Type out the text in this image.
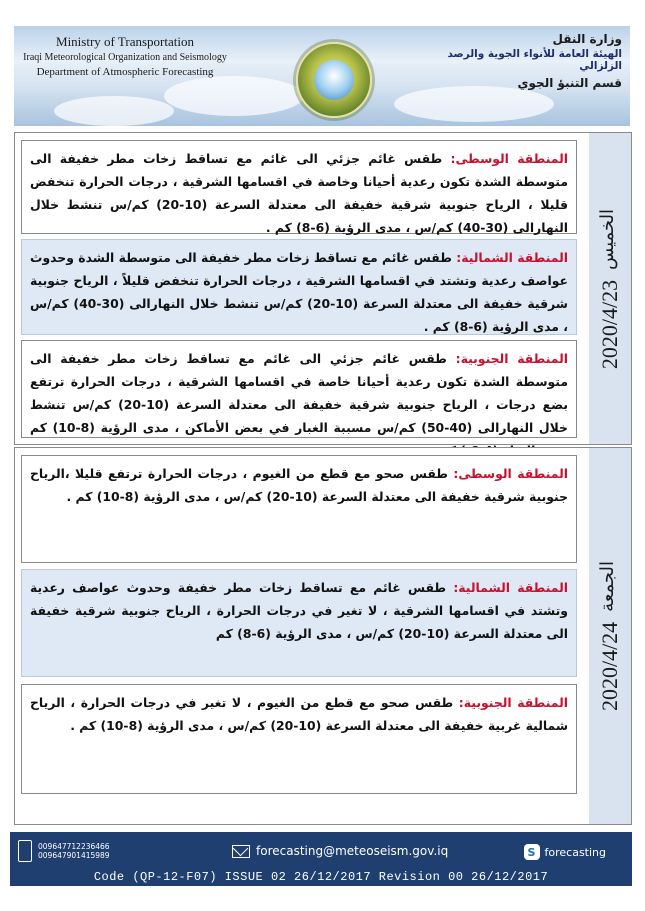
Ministry of Transportation
Iraqi Meteorological Organization and Seismology
Department of Atmospheric Forecasting
وزارة النقل
الهيئة العامة للأنواء الجوية والرصد الزلزالي
قسم التنبؤ الجوي
2020/4/23
الخميس
المنطقة الوسطى: طقس غائم جزئي الى غائم مع تساقط زخات مطر خفيفة الى متوسطة الشدة تكون رعدية أحيانا وخاصة في اقسامها الشرقية ، درجات الحرارة تنخفض قليلا ، الرياح جنوبية شرقية خفيفة الى معتدلة السرعة (10-20) كم/س تنشط خلال النهارالى (30-40) كم/س ، مدى الرؤية (6-8) كم .
المنطقة الشمالية: طقس غائم مع تساقط زخات مطر خفيفة الى متوسطة الشدة وحدوث عواصف رعدية وتشتد في اقسامها الشرقية ، درجات الحرارة تنخفض قليلاً ، الرياح جنوبية شرقية خفيفة الى معتدلة السرعة (10-20) كم/س تنشط خلال النهارالى (30-40) كم/س ، مدى الرؤية (6-8) كم .
المنطقة الجنوبية: طقس غائم جزئي الى غائم مع تساقط زخات مطر خفيفة الى متوسطة الشدة تكون رعدية أحيانا خاصة في اقسامها الشرقية ، درجات الحرارة ترتفع بضع درجات ، الرياح جنوبية شرقية خفيفة الى معتدلة السرعة (10-20) كم/س تنشط خلال النهارالى (40-50) كم/س مسببة الغبار في بعض الأماكن ، مدى الرؤية (8-10) كم
2020/4/24
الجمعة
المنطقة الوسطى: طقس صحو مع قطع من الغيوم ، درجات الحرارة ترتفع قليلا ،الرياح جنوبية شرقية خفيفة الى معتدلة السرعة (10-20) كم/س ، مدى الرؤية (8-10) كم .
المنطقة الشمالية: طقس غائم مع تساقط زخات مطر خفيفة وحدوث عواصف رعدية وتشتد في اقسامها الشرقية ، لا تغير في درجات الحرارة ، الرياح جنوبية شرقية خفيفة الى معتدلة السرعة (10-20) كم/س ، مدى الرؤية (6-8) كم
المنطقة الجنوبية: طقس صحو مع قطع من الغيوم ، لا تغير في درجات الحرارة ، الرياح شمالية غربية خفيفة الى معتدلة السرعة (10-20) كم/س ، مدى الرؤية (8-10) كم .
009647712236466
009647901415989	forecasting@meteoseism.gov.iq	S forecasting
Code (QP-12-F07) ISSUE 02 26/12/2017 Revision 00 26/12/2017
